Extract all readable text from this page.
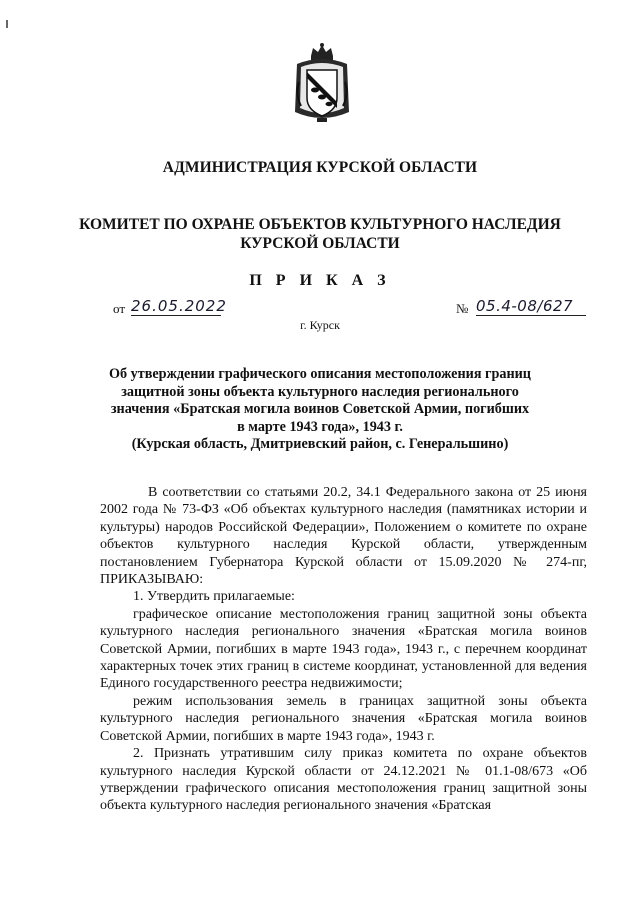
АДМИНИСТРАЦИЯ КУРСКОЙ ОБЛАСТИ
КОМИТЕТ ПО ОХРАНЕ ОБЪЕКТОВ КУЛЬТУРНОГО НАСЛЕДИЯ
КУРСКОЙ ОБЛАСТИ
П Р И К А З
от 26.05.2022	№ 05.4-08/627
г. Курск
Об утверждении графического описания местоположения границ
защитной зоны объекта культурного наследия регионального
значения «Братская могила воинов Советской Армии, погибших
в марте 1943 года», 1943 г.
(Курская область, Дмитриевский район, с. Генеральшино)

В соответствии со статьями 20.2, 34.1 Федерального закона от 25 июня 2002 года № 73-ФЗ «Об объектах культурного наследия (памятниках истории и культуры) народов Российской Федерации», Положением о комитете по охране объектов культурного наследия Курской области, утвержденным постановлением Губернатора Курской области от 15.09.2020 № 274-пг, ПРИКАЗЫВАЮ:

1. Утвердить прилагаемые:

графическое описание местоположения границ защитной зоны объекта культурного наследия регионального значения «Братская могила воинов Советской Армии, погибших в марте 1943 года», 1943 г., с перечнем координат характерных точек этих границ в системе координат, установленной для ведения Единого государственного реестра недвижимости;

режим использования земель в границах защитной зоны объекта культурного наследия регионального значения «Братская могила воинов Советской Армии, погибших в марте 1943 года», 1943 г.

2. Признать утратившим силу приказ комитета по охране объектов культурного наследия Курской области от 24.12.2021 № 01.1-08/673 «Об утверждении графического описания местоположения границ защитной зоны объекта культурного наследия регионального значения «Братская
